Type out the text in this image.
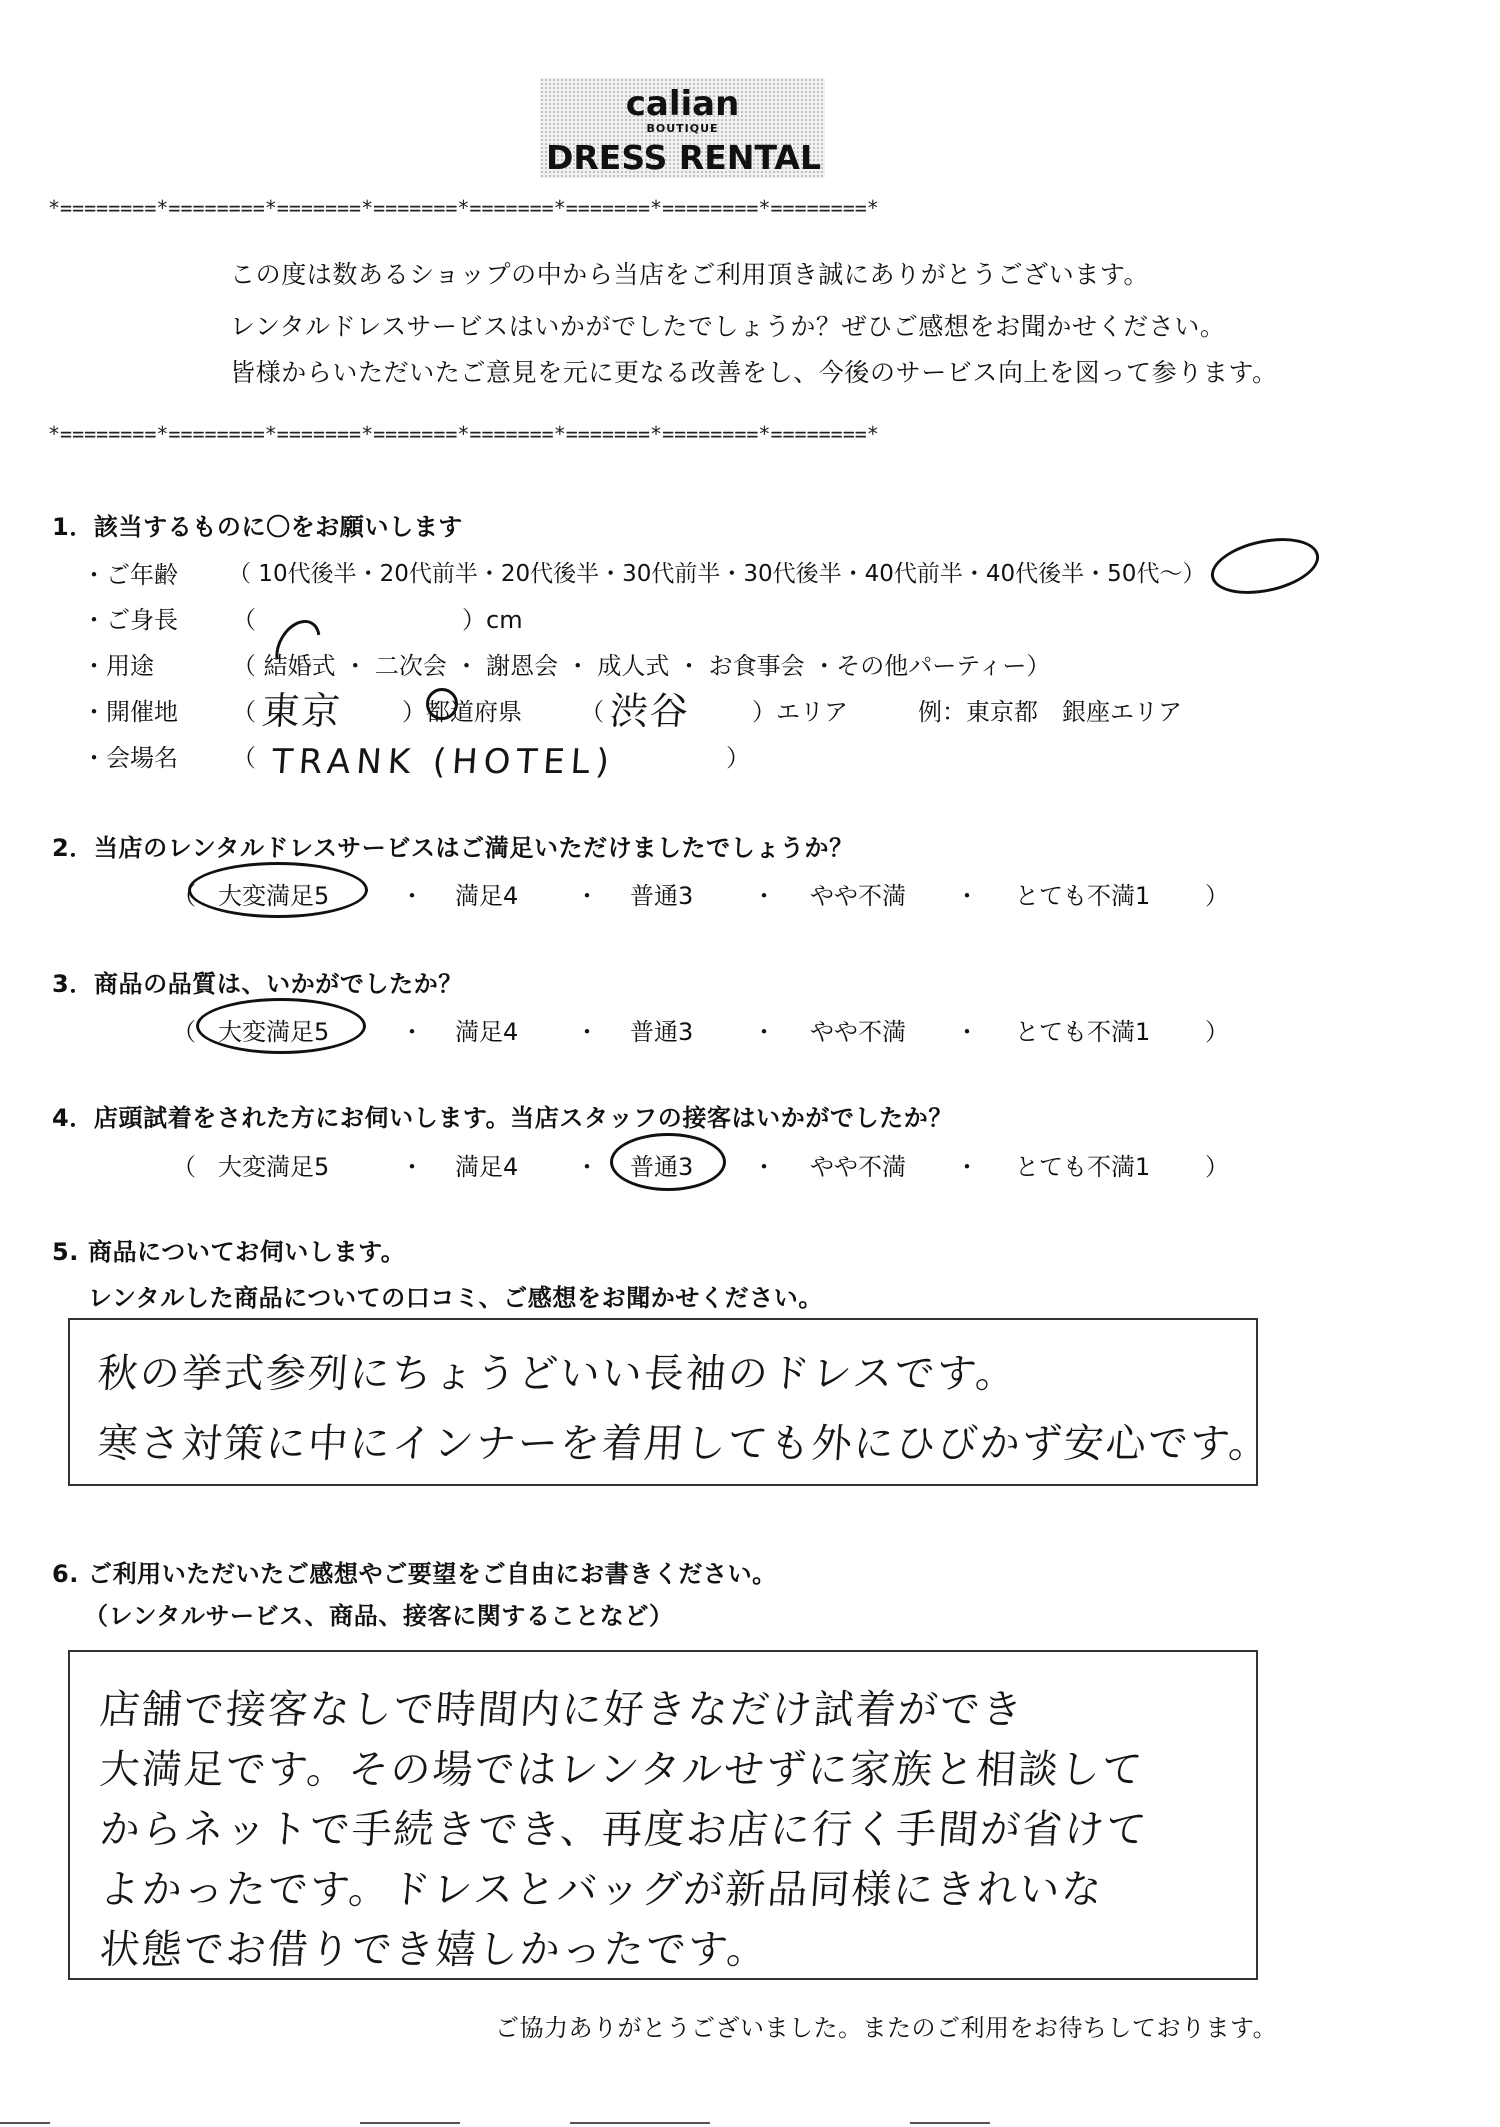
calian
BOUTIQUE
DRESS RENTAL
*========*========*=======*=======*=======*=======*========*========*
*========*========*=======*=======*=======*=======*========*========*
この度は数あるショップの中から当店をご利用頂き誠にありがとうございます。
レンタルドレスサービスはいかがでしたでしょうか？ぜひご感想をお聞かせください。
皆様からいただいたご意見を元に更なる改善をし、今後のサービス向上を図って参ります。
1．該当するものに〇をお願いします
・ご年齢 （ 10代後半・20代前半・20代後半・30代前半・30代後半・40代前半・40代後半・50代～）
・ご身長 （	）cm
・用途	（ 結婚式 ・ 二次会 ・ 謝恩会 ・ 成人式 ・ お食事会 ・その他パーティー）
・開催地 （ 東京 ）都道府県 （ 渋谷	）エリア	例：東京都　銀座エリア
・会場名 （ TRANK (HOTEL)	）
2．当店のレンタルドレスサービスはご満足いただけましたでしょうか？
（ 大変満足5	・ 満足4 ・ 普通3 ・ やや不満 ・ とても不満1 ）
3．商品の品質は、いかがでしたか？
（ 大変満足5	・ 満足4 ・ 普通3 ・ やや不満 ・ とても不満1 ）
4．店頭試着をされた方にお伺いします。当店スタッフの接客はいかがでしたか？
（ 大変満足5	・ 満足4 ・ 普通3 ・ やや不満 ・ とても不満1 ）
5. 商品についてお伺いします。
レンタルした商品についての口コミ、ご感想をお聞かせください。
秋の挙式参列にちょうどいい長袖のドレスです。
寒さ対策に中にインナーを着用しても外にひびかず安心です。
6. ご利用いただいたご感想やご要望をご自由にお書きください。
（レンタルサービス、商品、接客に関することなど）
店舗で接客なしで時間内に好きなだけ試着ができ
大満足です。その場ではレンタルせずに家族と相談して
からネットで手続きでき、再度お店に行く手間が省けて
よかったです。ドレスとバッグが新品同様にきれいな
状態でお借りでき嬉しかったです。
ご協力ありがとうございました。またのご利用をお待ちしております。
